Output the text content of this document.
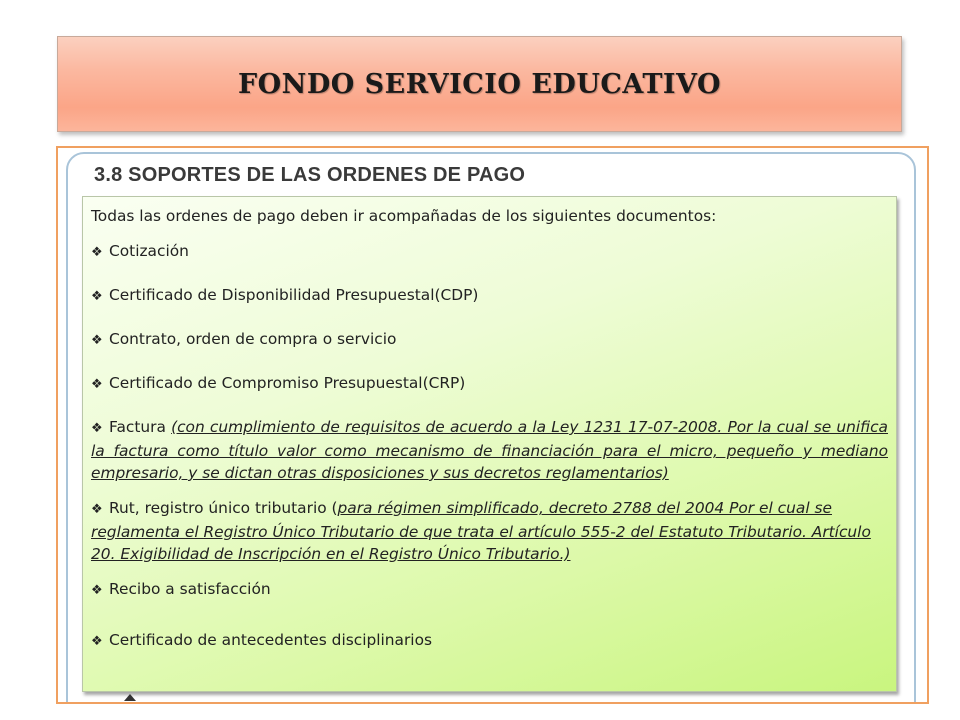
FONDO SERVICIO EDUCATIVO
3.8 SOPORTES DE LAS ORDENES DE PAGO
Todas las ordenes de pago deben ir acompañadas de los siguientes documentos:
❖ Cotización
❖ Certificado de Disponibilidad Presupuestal(CDP)
❖ Contrato, orden de compra o servicio
❖ Certificado de Compromiso Presupuestal(CRP)
❖ Factura (con cumplimiento de requisitos de acuerdo a la Ley 1231 17-07-2008. Por la cual se unifica la factura como título valor como mecanismo de financiación para el micro, pequeño y mediano empresario, y se dictan otras disposiciones y sus decretos reglamentarios)
❖ Rut, registro único tributario (para régimen simplificado, decreto 2788 del 2004 Por el cual se reglamenta el Registro Único Tributario de que trata el artículo 555-2 del Estatuto Tributario. Artículo 20. Exigibilidad de Inscripción en el Registro Único Tributario.)
❖ Recibo a satisfacción
❖ Certificado de antecedentes disciplinarios
